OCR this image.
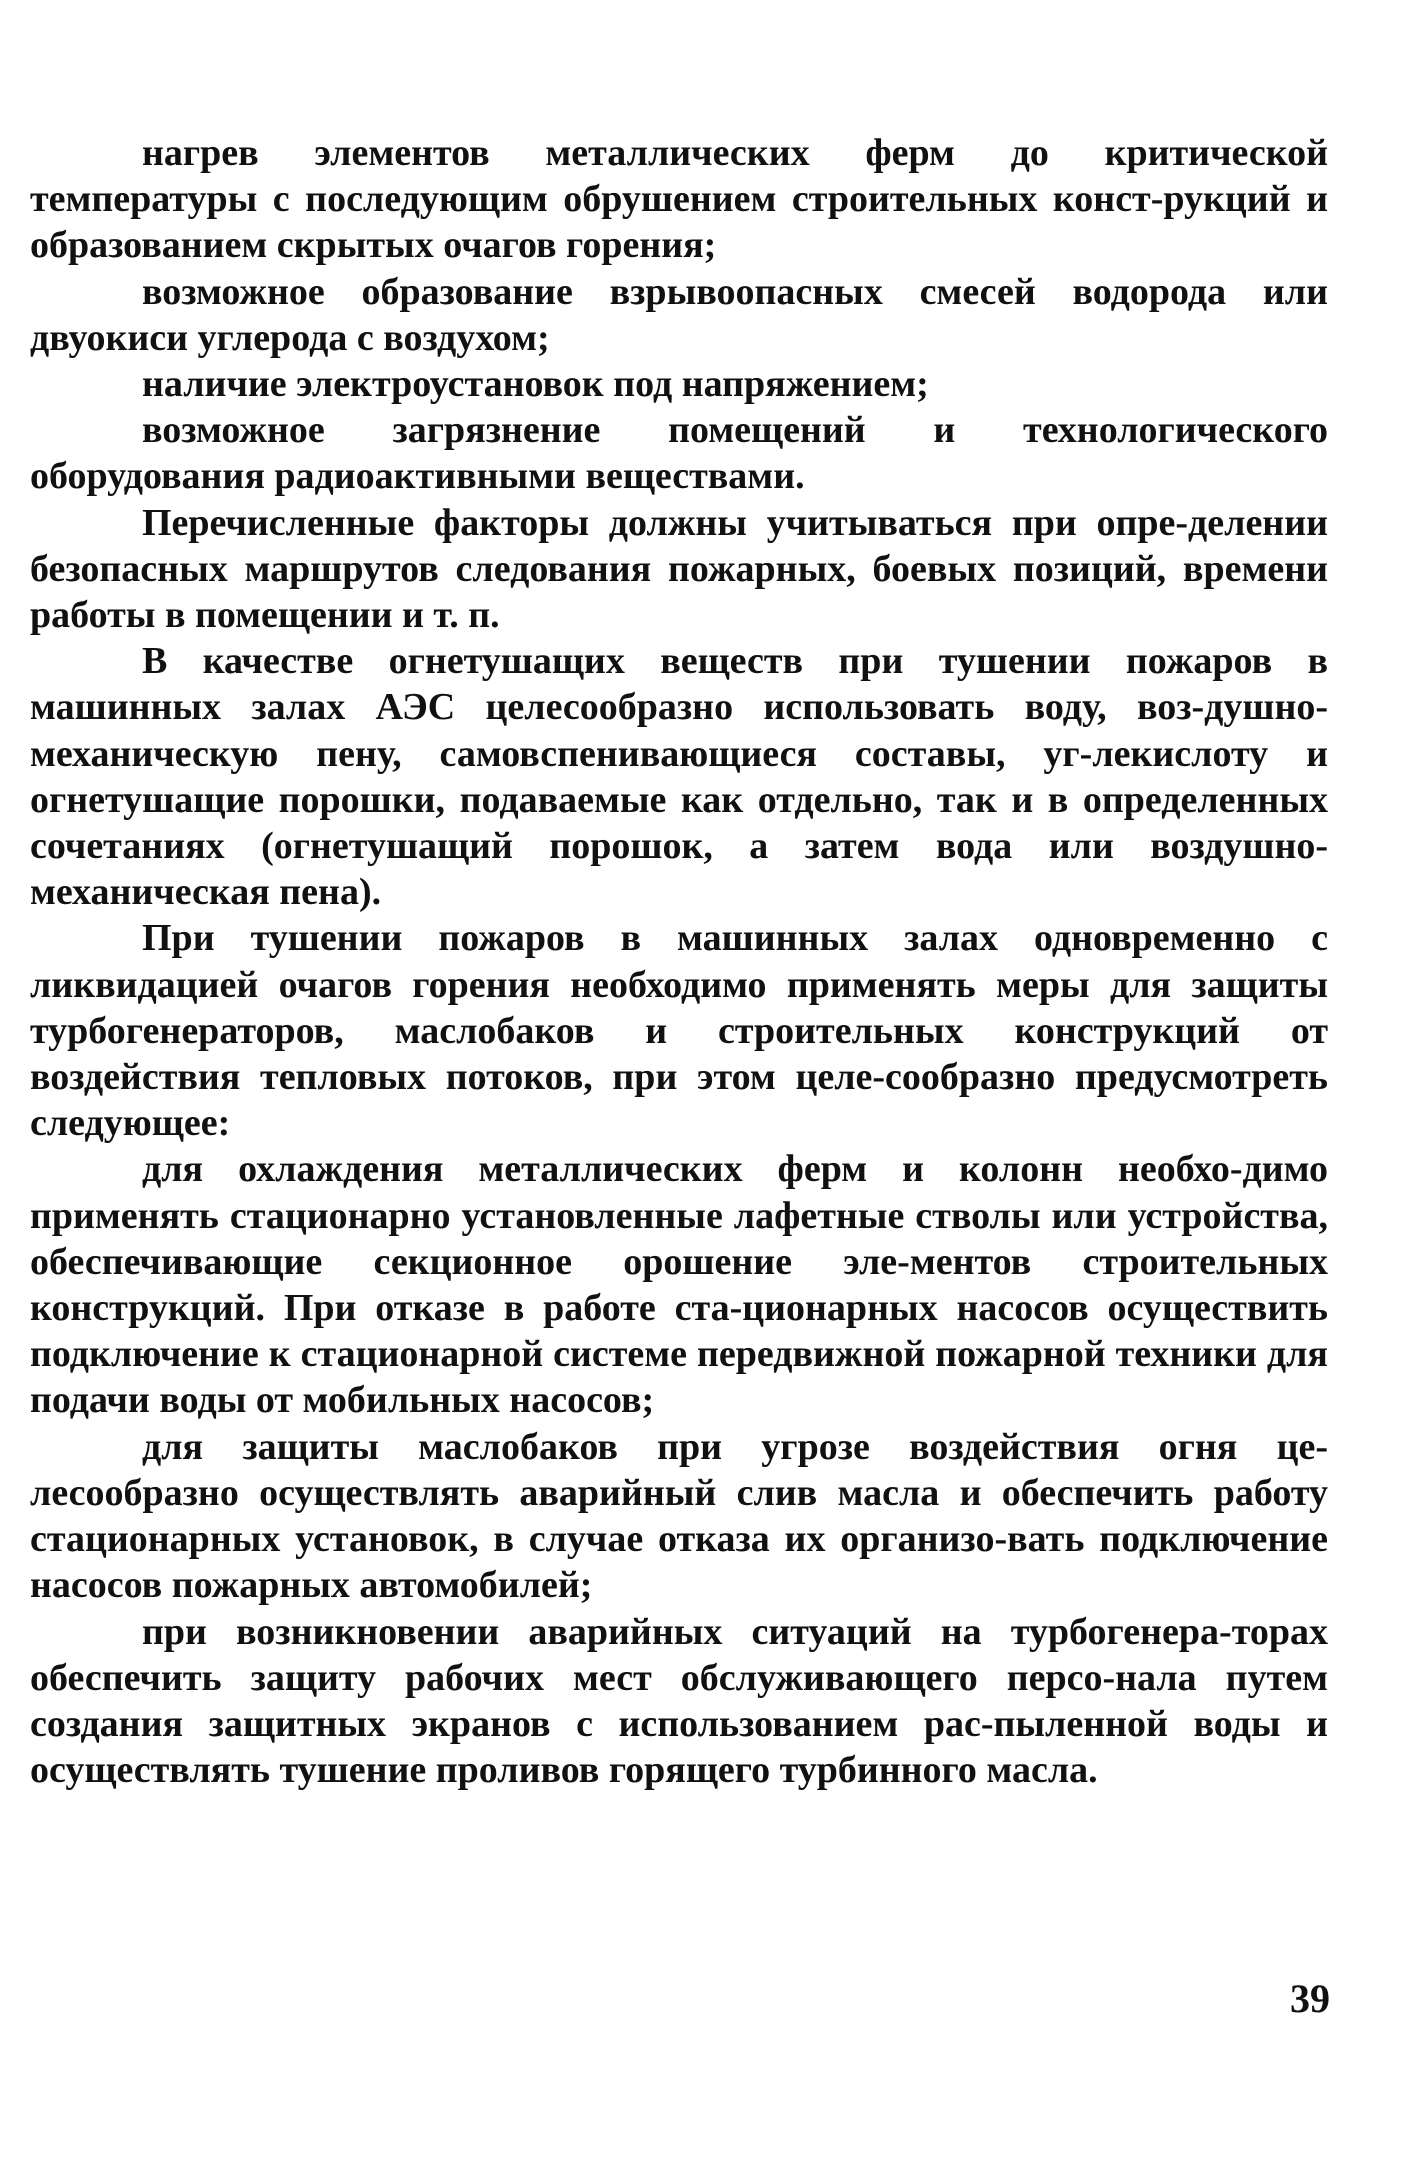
нагрев элементов металлических ферм до критической температуры с последующим обрушением строительных конст-рукций и образованием скрытых очагов горения;

возможное образование взрывоопасных смесей водорода или двуокиси углерода с воздухом;

наличие электроустановок под напряжением;

возможное загрязнение помещений и технологического оборудования радиоактивными веществами.

Перечисленные факторы должны учитываться при опре-делении безопасных маршрутов следования пожарных, боевых позиций, времени работы в помещении и т. п.

В качестве огнетушащих веществ при тушении пожаров в машинных залах АЭС целесообразно использовать воду, воз-душно-механическую пену, самовспенивающиеся составы, уг-лекислоту и огнетушащие порошки, подаваемые как отдельно, так и в определенных сочетаниях (огнетушащий порошок, а затем вода или воздушно-механическая пена).

При тушении пожаров в машинных залах одновременно с ликвидацией очагов горения необходимо применять меры для защиты турбогенераторов, маслобаков и строительных конструкций от воздействия тепловых потоков, при этом целе-сообразно предусмотреть следующее:

для охлаждения металлических ферм и колонн необхо-димо применять стационарно установленные лафетные стволы или устройства, обеспечивающие секционное орошение эле-ментов строительных конструкций. При отказе в работе ста-ционарных насосов осуществить подключение к стационарной системе передвижной пожарной техники для подачи воды от мобильных насосов;

для защиты маслобаков при угрозе воздействия огня це-лесообразно осуществлять аварийный слив масла и обеспечить работу стационарных установок, в случае отказа их организо-вать подключение насосов пожарных автомобилей;

при возникновении аварийных ситуаций на турбогенера-торах обеспечить защиту рабочих мест обслуживающего персо-нала путем создания защитных экранов с использованием рас-пыленной воды и осуществлять тушение проливов горящего турбинного масла.

39
